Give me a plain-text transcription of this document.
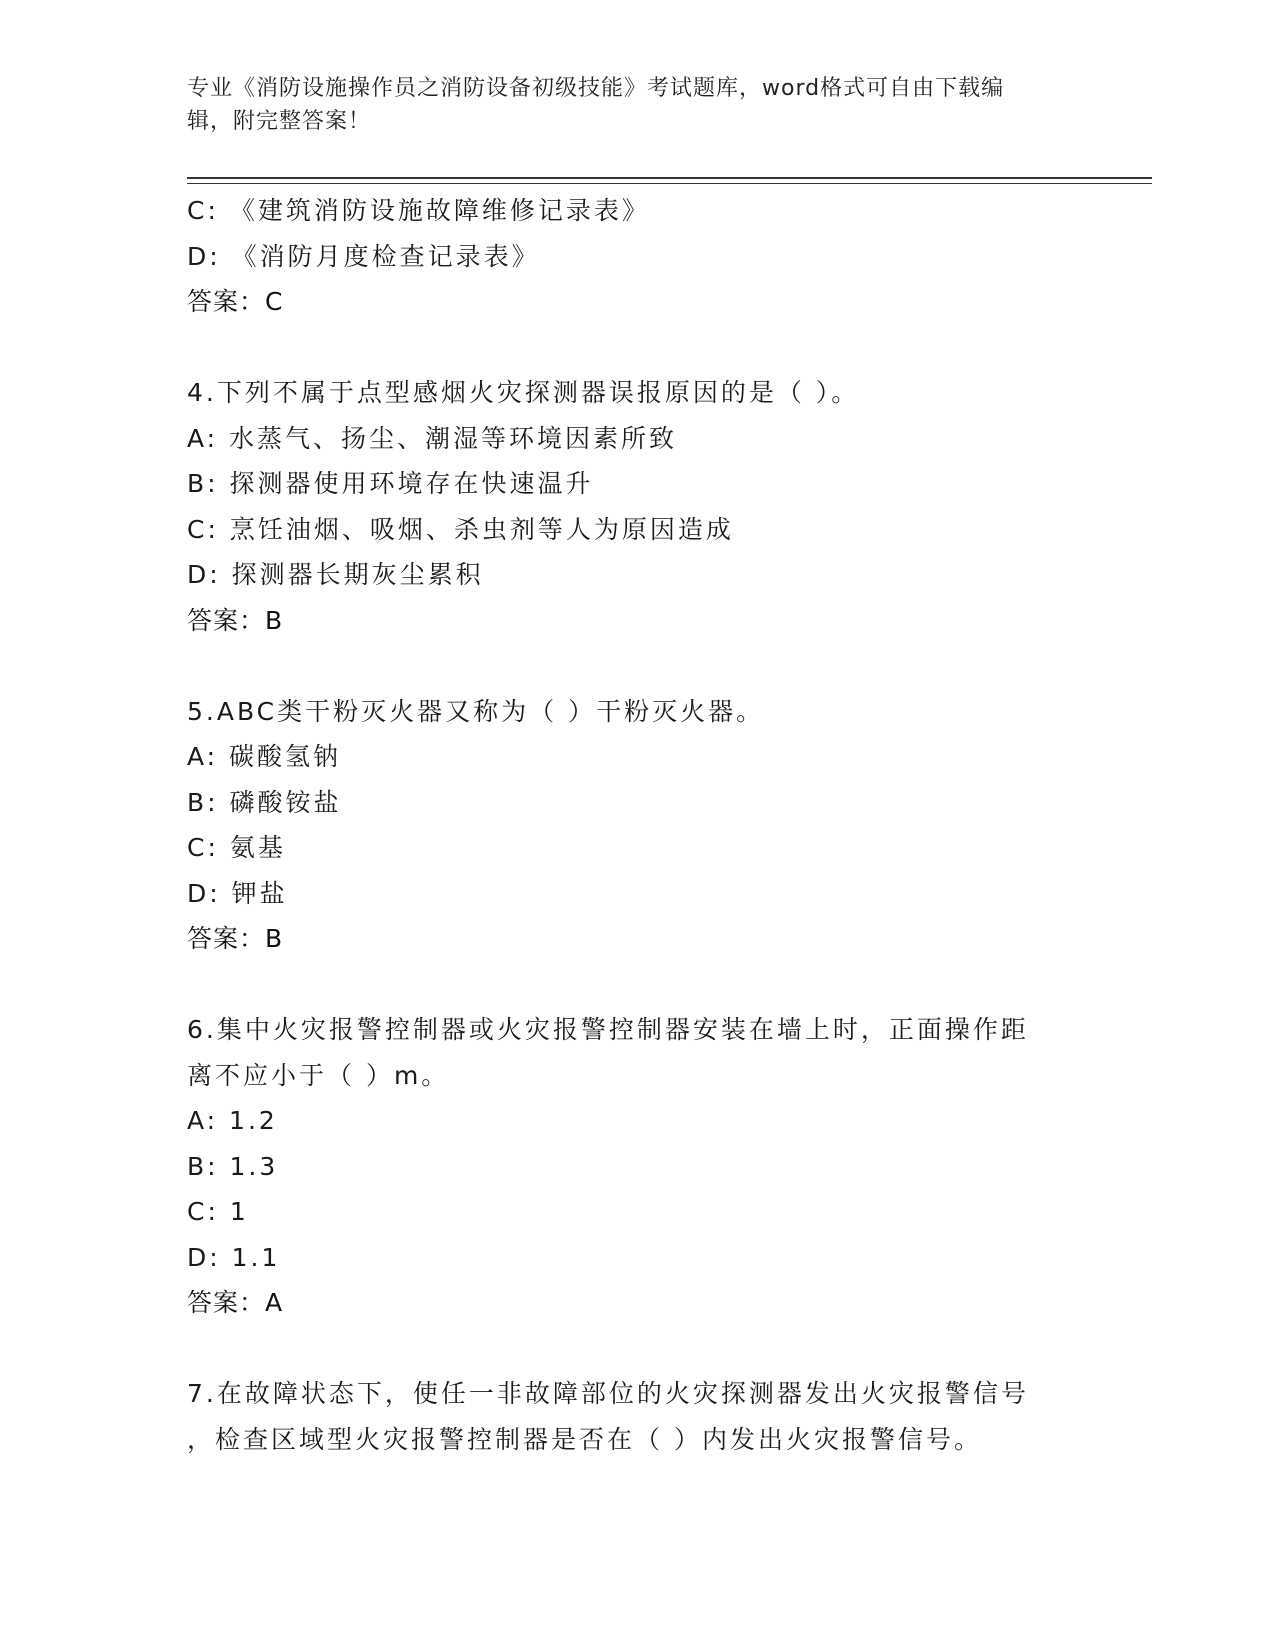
专业《消防设施操作员之消防设备初级技能》考试题库，word格式可自由下载编
辑，附完整答案！
C: 《建筑消防设施故障维修记录表》
D: 《消防月度检查记录表》
答案：C
4.下列不属于点型感烟火灾探测器误报原因的是（ ）。
A: 水蒸气、扬尘、潮湿等环境因素所致
B: 探测器使用环境存在快速温升
C: 烹饪油烟、吸烟、杀虫剂等人为原因造成
D: 探测器长期灰尘累积
答案：B
5.ABC类干粉灭火器又称为（ ）干粉灭火器。
A: 碳酸氢钠
B: 磷酸铵盐
C: 氨基
D: 钾盐
答案：B
6.集中火灾报警控制器或火灾报警控制器安装在墙上时，正面操作距
离不应小于（ ）m。
A: 1.2
B: 1.3
C: 1
D: 1.1
答案：A
7.在故障状态下，使任一非故障部位的火灾探测器发出火灾报警信号
，检查区域型火灾报警控制器是否在（ ）内发出火灾报警信号。
